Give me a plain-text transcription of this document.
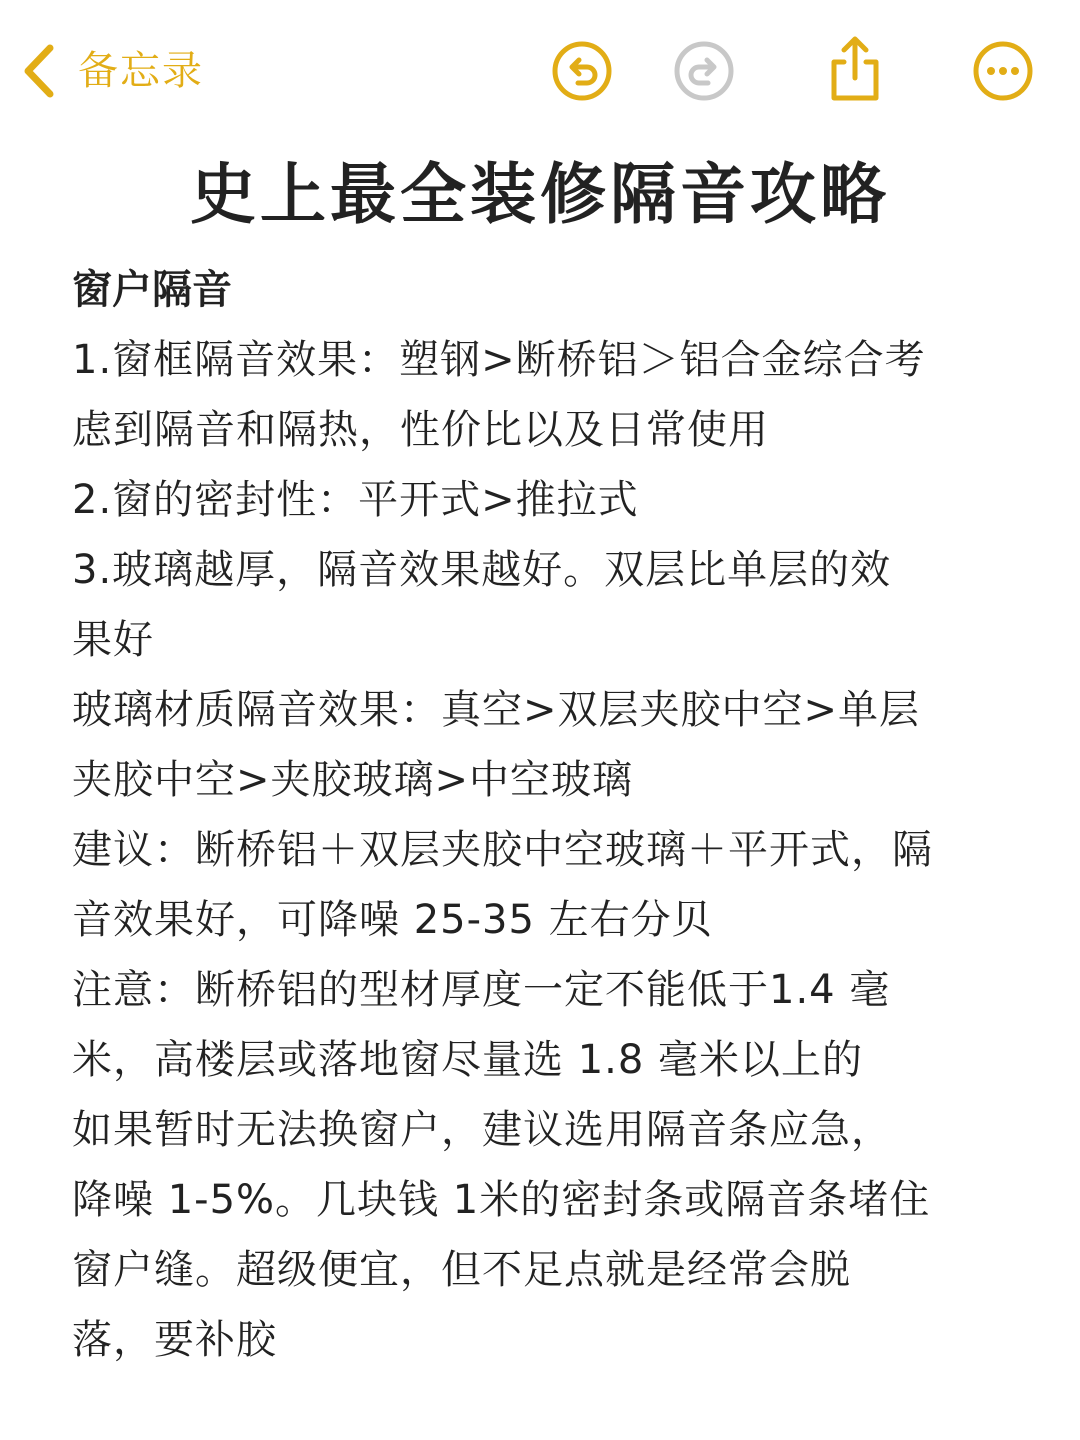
备忘录
史上最全装修隔音攻略

窗户隔音

1.窗框隔音效果：塑钢>断桥铝＞铝合金综合考

虑到隔音和隔热，性价比以及日常使用

2.窗的密封性：平开式>推拉式

3.玻璃越厚，隔音效果越好。双层比单层的效

果好

玻璃材质隔音效果：真空>双层夹胶中空>单层

夹胶中空>夹胶玻璃>中空玻璃

建议：断桥铝＋双层夹胶中空玻璃＋平开式，隔

音效果好，可降噪 25-35 左右分贝

注意：断桥铝的型材厚度一定不能低于1.4 毫

米，高楼层或落地窗尽量选 1.8 毫米以上的

如果暂时无法换窗户，建议选用隔音条应急，

降噪 1-5%。几块钱 1米的密封条或隔音条堵住

窗户缝。超级便宜，但不足点就是经常会脱

落，要补胶
